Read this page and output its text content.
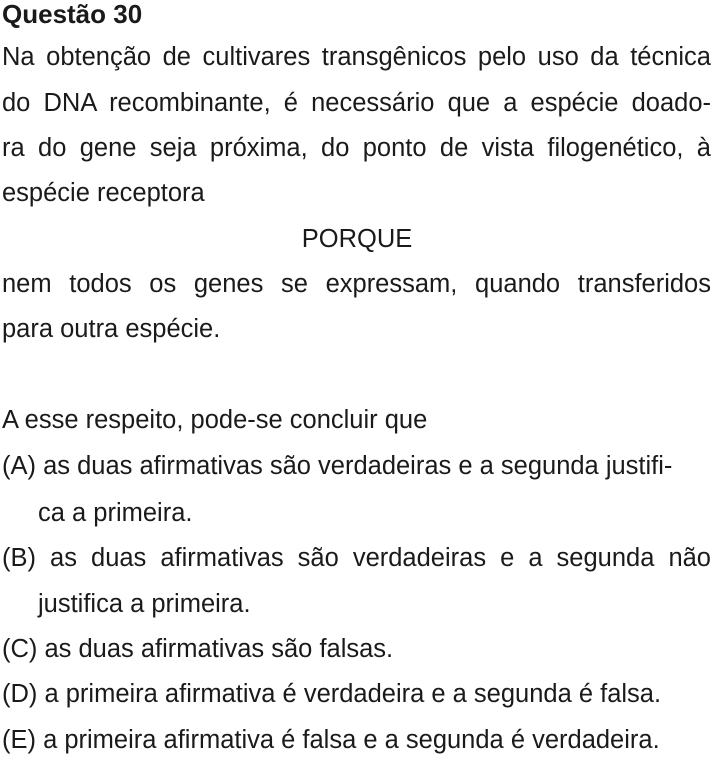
Questão 30
Na obtenção de cultivares transgênicos pelo uso da técnica
do DNA recombinante, é necessário que a espécie doado-
ra do gene seja próxima, do ponto de vista filogenético, à
espécie receptora
PORQUE
nem todos os genes se expressam, quando transferidos
para outra espécie.
A esse respeito, pode-se concluir que
(A) as duas afirmativas são verdadeiras e a segunda justifi-
ca a primeira.
(B) as duas afirmativas são verdadeiras e a segunda não
justifica a primeira.
(C) as duas afirmativas são falsas.
(D) a primeira afirmativa é verdadeira e a segunda é falsa.
(E) a primeira afirmativa é falsa e a segunda é verdadeira.
